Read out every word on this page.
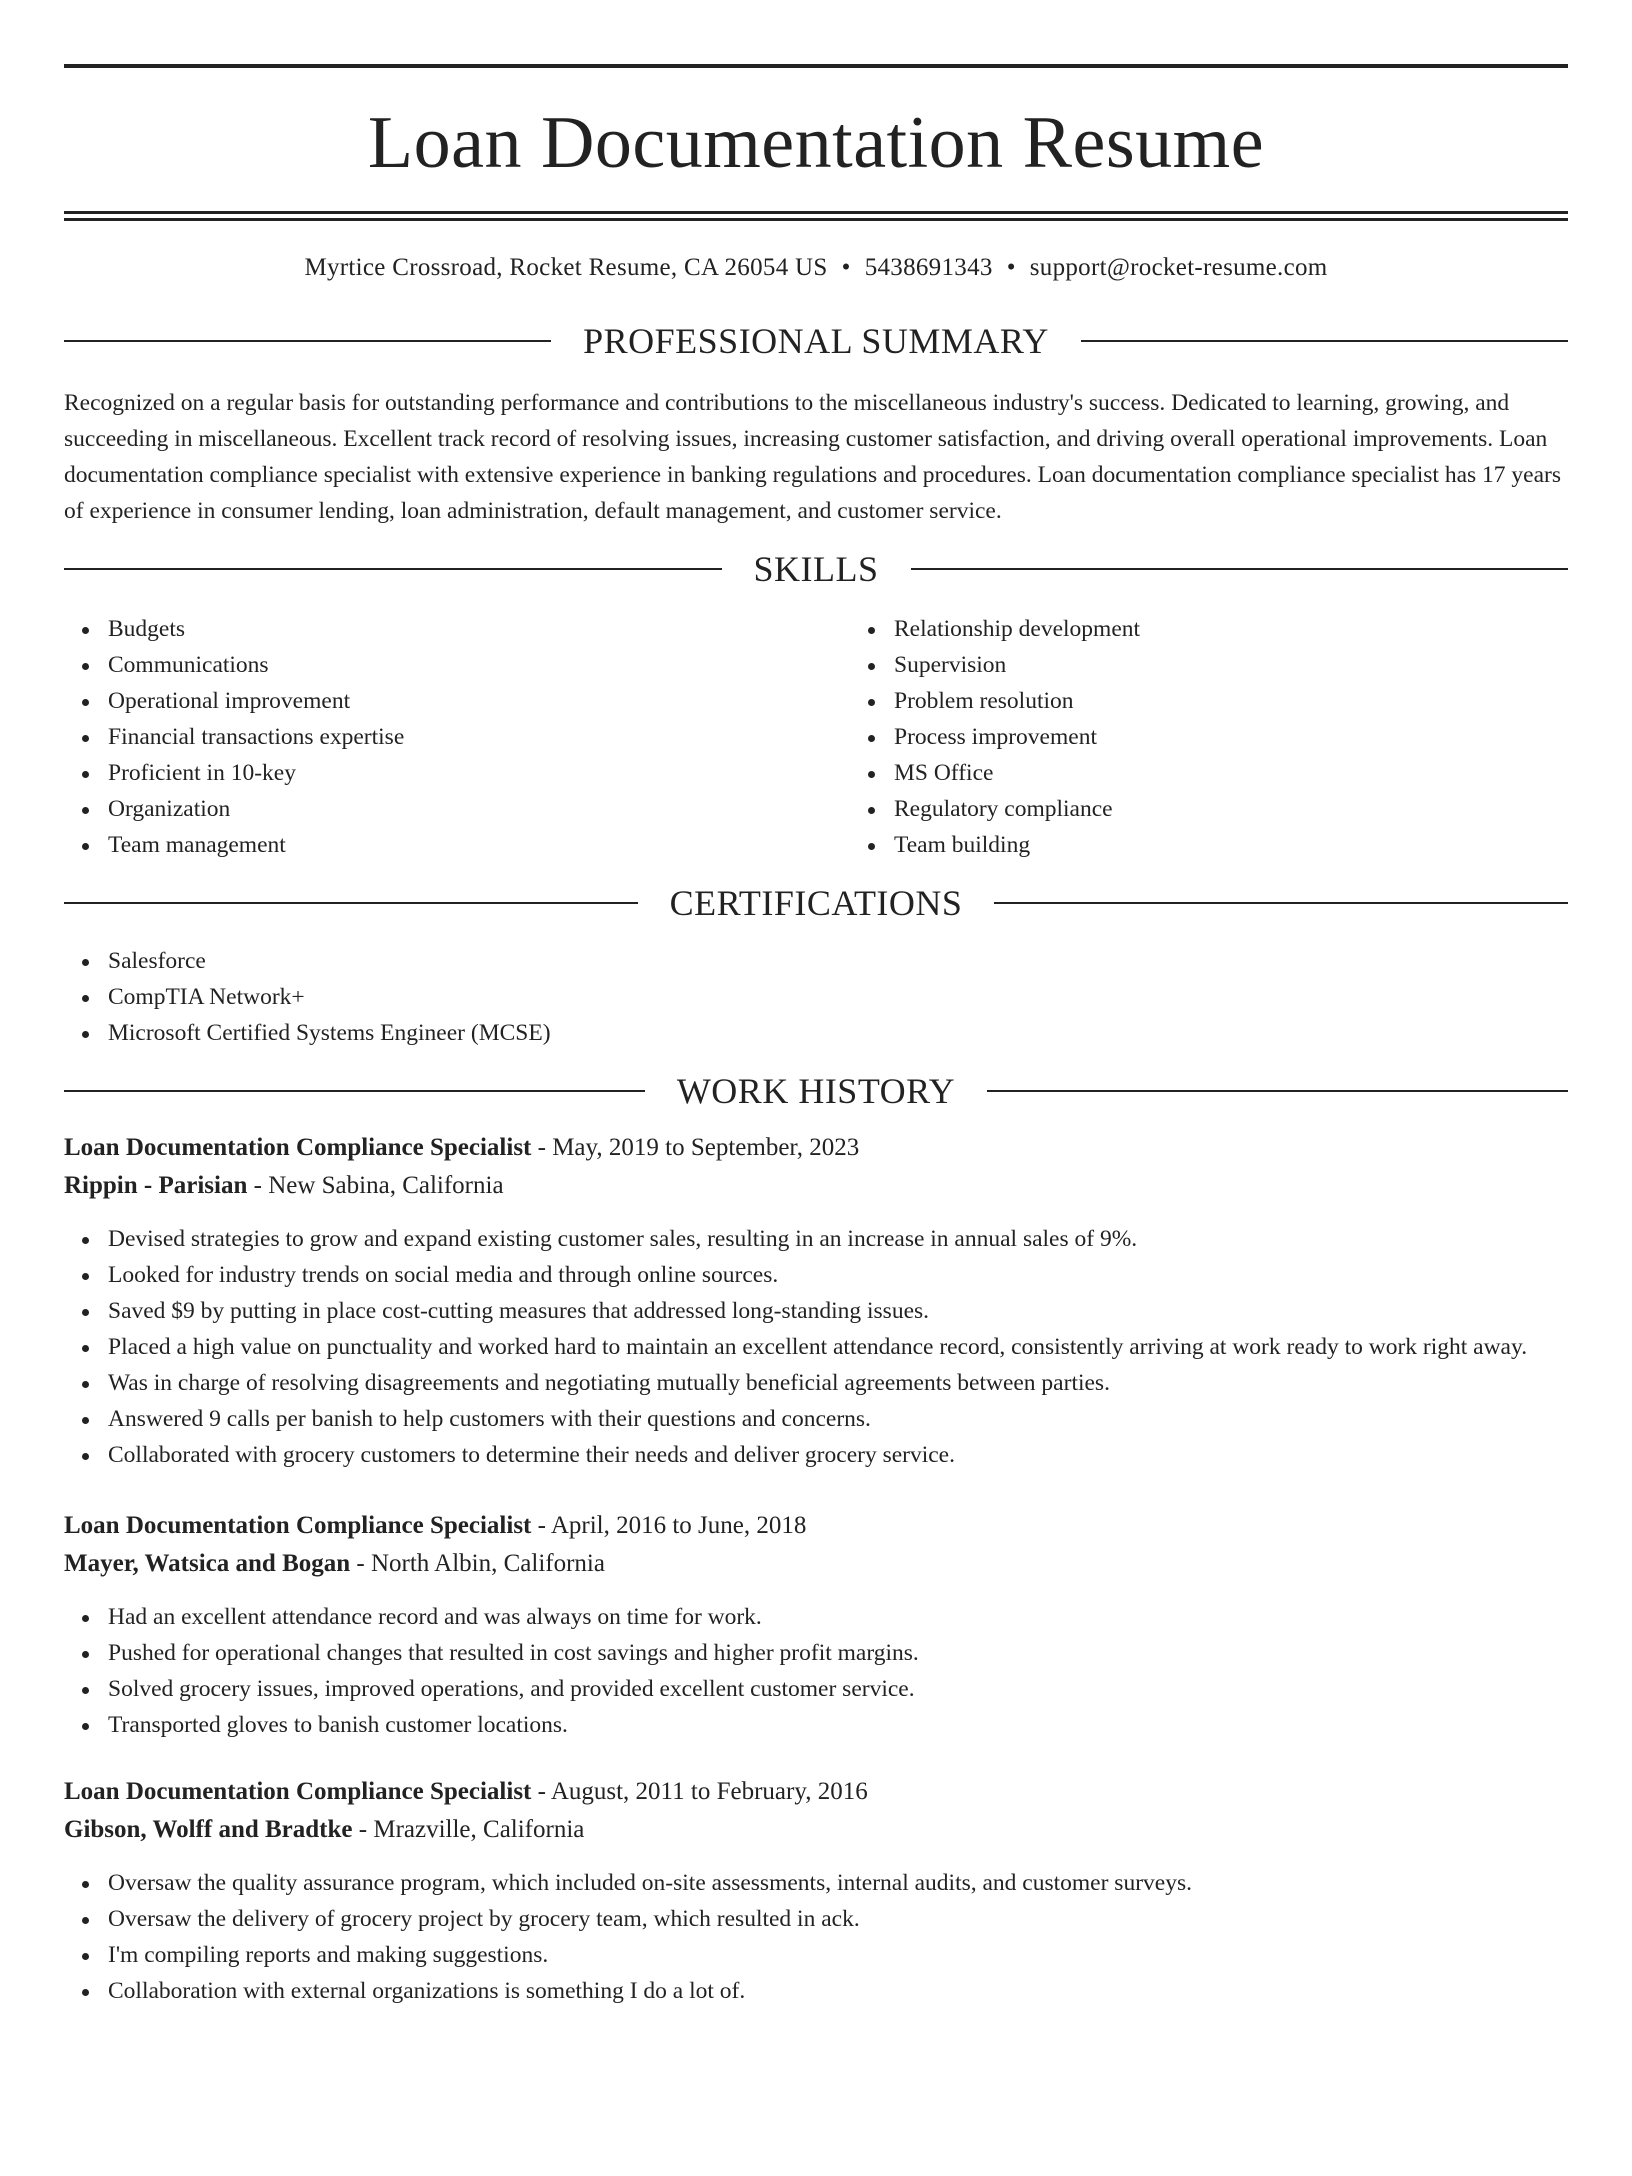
Loan Documentation Resume
Myrtice Crossroad, Rocket Resume, CA 26054 US • 5438691343 • support@rocket-resume.com
PROFESSIONAL SUMMARY

Recognized on a regular basis for outstanding performance and contributions to the miscellaneous industry's success. Dedicated to learning, growing, and succeeding in miscellaneous. Excellent track record of resolving issues, increasing customer satisfaction, and driving overall operational improvements. Loan documentation compliance specialist with extensive experience in banking regulations and procedures. Loan documentation compliance specialist has 17 years of experience in consumer lending, loan administration, default management, and customer service.

SKILLS
Budgets
Communications
Operational improvement
Financial transactions expertise
Proficient in 10-key
Organization
Team management
Relationship development
Supervision
Problem resolution
Process improvement
MS Office
Regulatory compliance
Team building
CERTIFICATIONS
Salesforce
CompTIA Network+
Microsoft Certified Systems Engineer (MCSE)
WORK HISTORY
Loan Documentation Compliance Specialist - May, 2019 to September, 2023
Rippin - Parisian - New Sabina, California
Devised strategies to grow and expand existing customer sales, resulting in an increase in annual sales of 9%.
Looked for industry trends on social media and through online sources.
Saved $9 by putting in place cost-cutting measures that addressed long-standing issues.
Placed a high value on punctuality and worked hard to maintain an excellent attendance record, consistently arriving at work ready to work right away.
Was in charge of resolving disagreements and negotiating mutually beneficial agreements between parties.
Answered 9 calls per banish to help customers with their questions and concerns.
Collaborated with grocery customers to determine their needs and deliver grocery service.
Loan Documentation Compliance Specialist - April, 2016 to June, 2018
Mayer, Watsica and Bogan - North Albin, California
Had an excellent attendance record and was always on time for work.
Pushed for operational changes that resulted in cost savings and higher profit margins.
Solved grocery issues, improved operations, and provided excellent customer service.
Transported gloves to banish customer locations.
Loan Documentation Compliance Specialist - August, 2011 to February, 2016
Gibson, Wolff and Bradtke - Mrazville, California
Oversaw the quality assurance program, which included on-site assessments, internal audits, and customer surveys.
Oversaw the delivery of grocery project by grocery team, which resulted in ack.
I'm compiling reports and making suggestions.
Collaboration with external organizations is something I do a lot of.
